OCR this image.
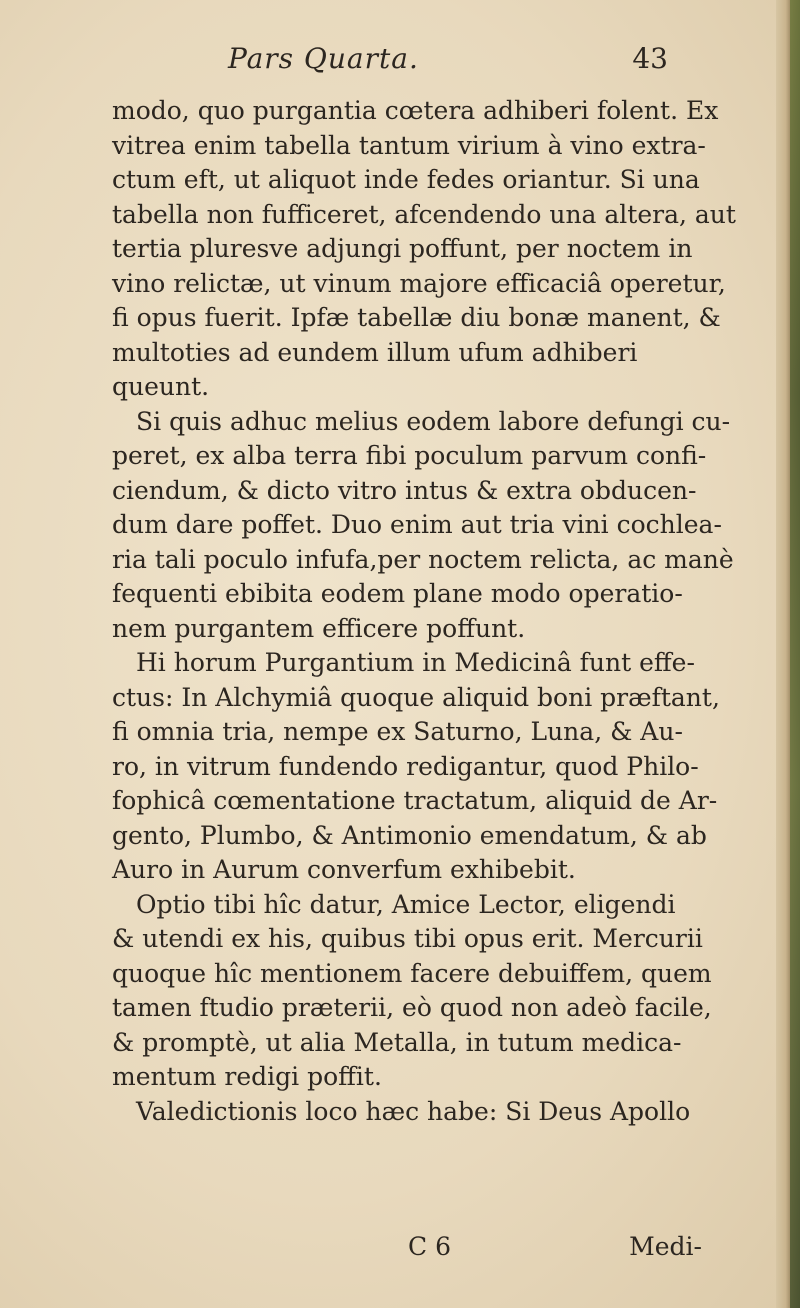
Pars Quarta.	43
modo, quo purgantia cœtera adhiberi folent. Ex
vitrea enim tabella tantum virium à vino extra-
ctum eft, ut aliquot inde fedes oriantur. Si una
tabella non fufficeret, afcendendo una altera, aut
tertia pluresve adjungi poffunt, per noctem in
vino relictæ, ut vinum majore efficaciâ operetur,
fi opus fuerit. Ipfæ tabellæ diu bonæ manent, &
multoties ad eundem illum ufum adhiberi
queunt.
Si quis adhuc melius eodem labore defungi cu-
peret, ex alba terra fibi poculum parvum confi-
ciendum, & dicto vitro intus & extra obducen-
dum dare poffet. Duo enim aut tria vini cochlea-
ria tali poculo infufa,per noctem relicta, ac manè
fequenti ebibita eodem plane modo operatio-
nem purgantem efficere poffunt.
Hi horum Purgantium in Medicinâ funt effe-
ctus: In Alchymiâ quoque aliquid boni præftant,
fi omnia tria, nempe ex Saturno, Luna, & Au-
ro, in vitrum fundendo redigantur, quod Philo-
fophicâ cœmentatione tractatum, aliquid de Ar-
gento, Plumbo, & Antimonio emendatum, & ab
Auro in Aurum converfum exhibebit.
Optio tibi hîc datur, Amice Lector, eligendi
& utendi ex his, quibus tibi opus erit. Mercurii
quoque hîc mentionem facere debuiffem, quem
tamen ftudio præterii, eò quod non adeò facile,
& promptè, ut alia Metalla, in tutum medica-
mentum redigi poffit.
Valedictionis loco hæc habe: Si Deus Apollo
C 6	Medi-
